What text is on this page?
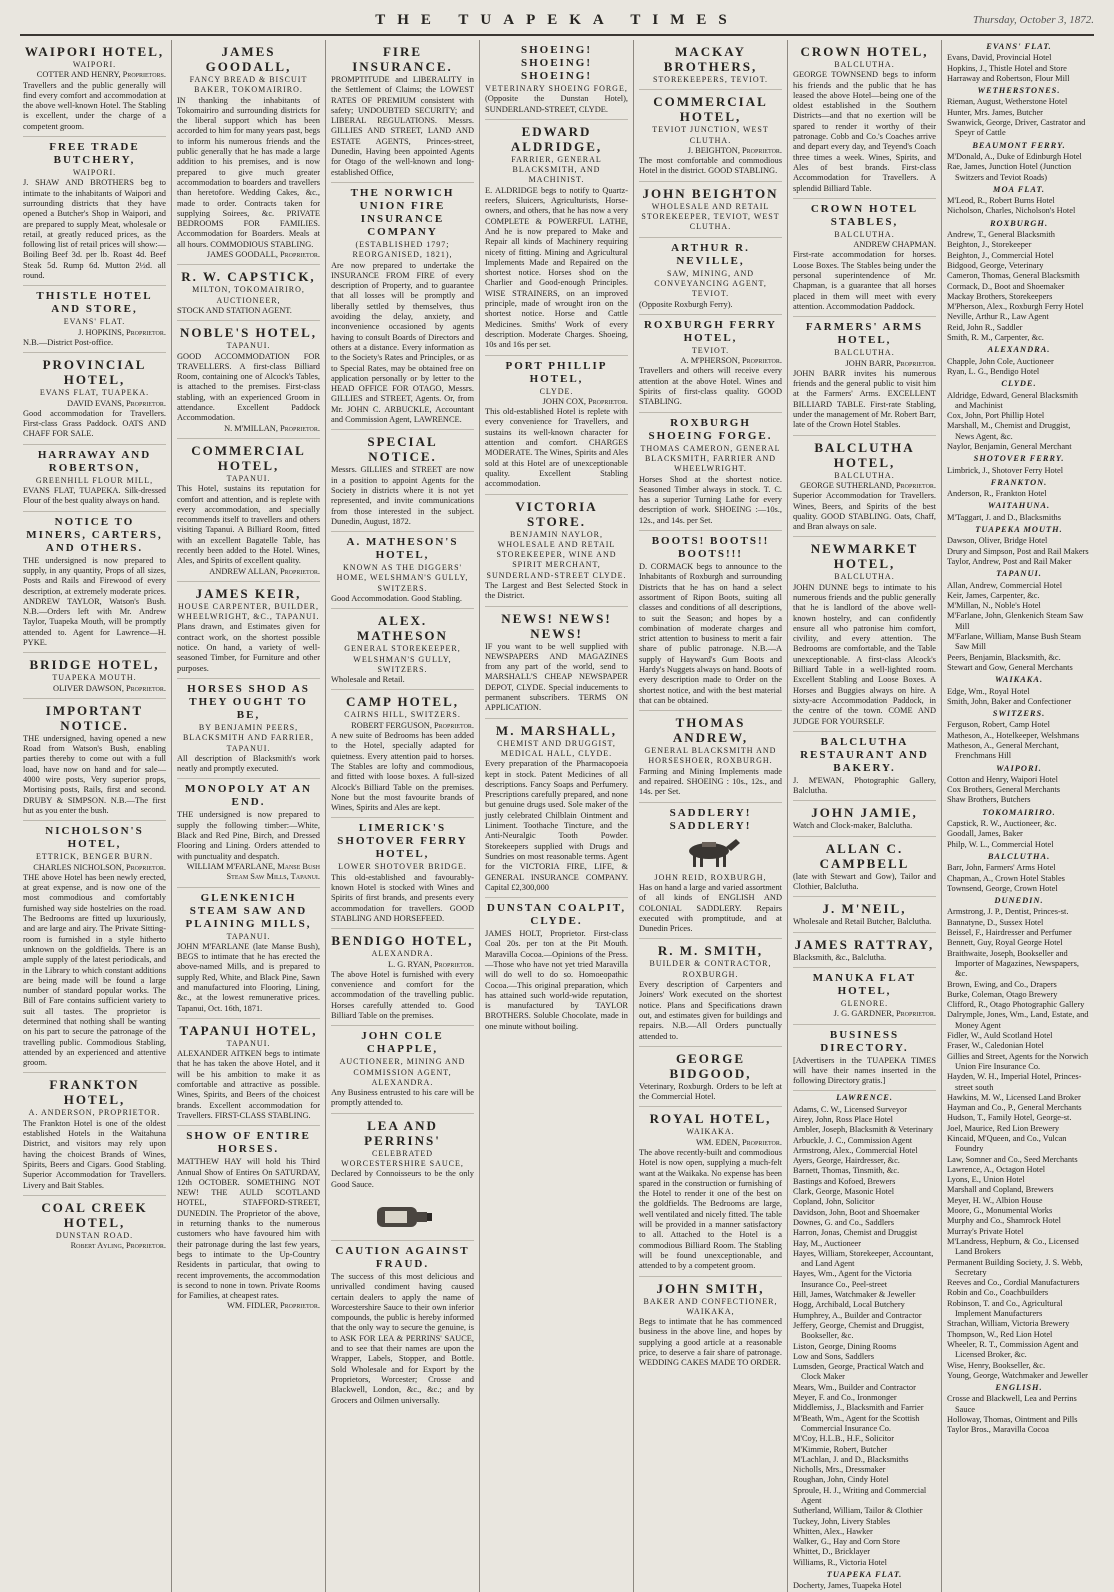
THE TUAPEKA TIMES	Thursday, October 3, 1872.
WAIPORI HOTEL,
WAIPORI.
COTTER AND HENRY, Proprietors.
Travellers and the public generally will find every comfort and accommodation at the above well-known Hotel. The Stabling is excellent, under the charge of a competent groom.
FREE TRADE BUTCHERY,
WAIPORI.
J. SHAW AND BROTHERS beg to intimate to the inhabitants of Waipori and surrounding districts that they have opened a Butcher's Shop in Waipori, and are prepared to supply Meat, wholesale or retail, at greatly reduced prices, as the following list of retail prices will show:— Boiling Beef 3d. per lb. Roast 4d. Beef Steak 5d. Rump 6d. Mutton 2½d. all round.
THISTLE HOTEL AND STORE,
EVANS' FLAT.
J. HOPKINS, Proprietor.
N.B.—District Post-office.
PROVINCIAL HOTEL,
EVANS FLAT, TUAPEKA.
DAVID EVANS, Proprietor.
Good accommodation for Travellers. First-class Grass Paddock. OATS AND CHAFF FOR SALE.
HARRAWAY AND ROBERTSON,
GREENHILL FLOUR MILL,
EVANS FLAT, TUAPEKA. Silk-dressed Flour of the best quality always on hand.
NOTICE TO MINERS, CARTERS, AND OTHERS.
THE undersigned is now prepared to supply, in any quantity, Props of all sizes, Posts and Rails and Firewood of every description, at extremely moderate prices. ANDREW TAYLOR, Watson's Bush. N.B.—Orders left with Mr. Andrew Taylor, Tuapeka Mouth, will be promptly attended to. Agent for Lawrence—H. PYKE.
BRIDGE HOTEL,
TUAPEKA MOUTH.
OLIVER DAWSON, Proprietor.
IMPORTANT NOTICE.
THE undersigned, having opened a new Road from Watson's Bush, enabling parties thereby to come out with a full load, have now on hand and for sale— 4000 wire posts, Very superior props, Mortising posts, Rails, first and second. DRUBY & SIMPSON. N.B.—The first hut as you enter the bush.
NICHOLSON'S HOTEL,
ETTRICK, BENGER BURN.
CHARLES NICHOLSON, Proprietor.
THE above Hotel has been newly erected, at great expense, and is now one of the most commodious and comfortably furnished way side hostelries on the road. The Bedrooms are fitted up luxuriously, and are large and airy. The Private Sitting-room is furnished in a style hitherto unknown on the goldfields. There is an ample supply of the latest periodicals, and in the Library to which constant additions are being made will be found a large number of standard popular works. The Bill of Fare contains sufficient variety to suit all tastes. The proprietor is determined that nothing shall be wanting on his part to secure the patronage of the travelling public. Commodious Stabling, attended by an experienced and attentive groom.
FRANKTON HOTEL,
A. ANDERSON, PROPRIETOR.
The Frankton Hotel is one of the oldest established Hotels in the Waitahuna District, and visitors may rely upon having the choicest Brands of Wines, Spirits, Beers and Cigars. Good Stabling. Superior Accommodation for Travellers. Livery and Bait Stables.
COAL CREEK HOTEL,
DUNSTAN ROAD.
Robert Ayling, Proprietor.
JAMES GOODALL,
FANCY BREAD & BISCUIT BAKER, TOKOMAIRIRO.
IN thanking the inhabitants of Tokomairiro and surrounding districts for the liberal support which has been accorded to him for many years past, begs to inform his numerous friends and the public generally that he has made a large addition to his premises, and is now prepared to give much greater accommodation to boarders and travellers than heretofore. Wedding Cakes, &c., made to order. Contracts taken for supplying Soirees, &c. PRIVATE BEDROOMS FOR FAMILIES. Accommodation for Boarders. Meals at all hours. COMMODIOUS STABLING.
JAMES GOODALL, Proprietor.
R. W. CAPSTICK,
MILTON, TOKOMAIRIRO, AUCTIONEER,
STOCK AND STATION AGENT.
NOBLE'S HOTEL,
TAPANUI.
GOOD ACCOMMODATION FOR TRAVELLERS. A first-class Billiard Room, containing one of Alcock's Tables, is attached to the premises. First-class stabling, with an experienced Groom in attendance. Excellent Paddock Accommodation.
N. M'MILLAN, Proprietor.
COMMERCIAL HOTEL,
TAPANUI.
This Hotel, sustains its reputation for comfort and attention, and is replete with every accommodation, and specially recommends itself to travellers and others visiting Tapanui. A Billiard Room, fitted with an excellent Bagatelle Table, has recently been added to the Hotel. Wines, Ales, and Spirits of excellent quality.
ANDREW ALLAN, Proprietor.
JAMES KEIR,
HOUSE CARPENTER, BUILDER, WHEELWRIGHT, &C., TAPANUI.
Plans drawn, and Estimates given for contract work, on the shortest possible notice. On hand, a variety of well-seasoned Timber, for Furniture and other purposes.
HORSES SHOD AS THEY OUGHT TO BE,
BY BENJAMIN PEERS, BLACKSMITH AND FARRIER, TAPANUI.
All description of Blacksmith's work neatly and promptly executed.
MONOPOLY AT AN END.
THE undersigned is now prepared to supply the following timber:—White, Black and Red Pine, Birch, and Dressed Flooring and Lining. Orders attended to with punctuality and despatch.
WILLIAM M'FARLANE, Manse Bush Steam Saw Mills, Tapanui.
GLENKENICH STEAM SAW AND PLAINING MILLS,
TAPANUI.
JOHN M'FARLANE (late Manse Bush), BEGS to intimate that he has erected the above-named Mills, and is prepared to supply Red, White, and Black Pine, Sawn and manufactured into Flooring, Lining, &c., at the lowest remunerative prices. Tapanui, Oct. 16th, 1871.
TAPANUI HOTEL,
TAPANUI.
ALEXANDER AITKEN begs to intimate that he has taken the above Hotel, and it will be his ambition to make it as comfortable and attractive as possible. Wines, Spirits, and Beers of the choicest brands. Excellent accommodation for Travellers. FIRST-CLASS STABLING.
SHOW OF ENTIRE HORSES.
MATTHEW HAY will hold his Third Annual Show of Entires On SATURDAY, 12th OCTOBER. SOMETHING NOT NEW! THE AULD SCOTLAND HOTEL, STAFFORD-STREET, DUNEDIN. The Proprietor of the above, in returning thanks to the numerous customers who have favoured him with their patronage during the last few years, begs to intimate to the Up-Country Residents in particular, that owing to recent improvements, the accommodation is second to none in town. Private Rooms for Families, at cheapest rates.
WM. FIDLER, Proprietor.
FIRE INSURANCE.
PROMPTITUDE and LIBERALITY in the Settlement of Claims; the LOWEST RATES OF PREMIUM consistent with safety; UNDOUBTED SECURITY; and LIBERAL REGULATIONS. Messrs. GILLIES AND STREET, LAND AND ESTATE AGENTS, Princes-street, Dunedin, Having been appointed Agents for Otago of the well-known and long-established Office,
THE NORWICH UNION FIRE INSURANCE COMPANY
(ESTABLISHED 1797; REORGANISED, 1821),
Are now prepared to undertake the INSURANCE FROM FIRE of every description of Property, and to guarantee that all losses will be promptly and liberally settled by themselves, thus avoiding the delay, anxiety, and inconvenience occasioned by agents having to consult Boards of Directors and others at a distance. Every information as to the Society's Rates and Principles, or as to Special Rates, may be obtained free on application personally or by letter to the HEAD OFFICE FOR OTAGO, Messrs. GILLIES and STREET, Agents. Or, from Mr. JOHN C. ARBUCKLE, Accountant and Commission Agent, LAWRENCE.
SPECIAL NOTICE.
Messrs. GILLIES and STREET are now in a position to appoint Agents for the Society in districts where it is not yet represented, and invite communications from those interested in the subject. Dunedin, August, 1872.
A. MATHESON'S HOTEL,
KNOWN AS THE DIGGERS' HOME, WELSHMAN'S GULLY, SWITZERS.
Good Accommodation. Good Stabling.
ALEX. MATHESON
GENERAL STOREKEEPER, WELSHMAN'S GULLY, SWITZERS.
Wholesale and Retail.
CAMP HOTEL,
CAIRNS HILL, SWITZERS.
ROBERT FERGUSON, Proprietor.
A new suite of Bedrooms has been added to the Hotel, specially adapted for quietness. Every attention paid to horses. The Stables are lofty and commodious, and fitted with loose boxes. A full-sized Alcock's Billiard Table on the premises. None but the most favourite brands of Wines, Spirits and Ales are kept.
LIMERICK'S SHOTOVER FERRY HOTEL,
LOWER SHOTOVER BRIDGE.
This old-established and favourably-known Hotel is stocked with Wines and Spirits of first brands, and presents every accommodation for travellers. GOOD STABLING AND HORSEFEED.
BENDIGO HOTEL,
ALEXANDRA.
L. G. RYAN, Proprietor.
The above Hotel is furnished with every convenience and comfort for the accommodation of the travelling public. Horses carefully attended to. Good Billiard Table on the premises.
JOHN COLE CHAPPLE,
AUCTIONEER, MINING AND COMMISSION AGENT, ALEXANDRA.
Any Business entrusted to his care will be promptly attended to.
LEA AND PERRINS'
CELEBRATED WORCESTERSHIRE SAUCE,
Declared by Connoisseurs to be the only Good Sauce.
CAUTION AGAINST FRAUD.
The success of this most delicious and unrivalled condiment having caused certain dealers to apply the name of Worcestershire Sauce to their own inferior compounds, the public is hereby informed that the only way to secure the genuine, is to ASK FOR LEA & PERRINS' SAUCE, and to see that their names are upon the Wrapper, Labels, Stopper, and Bottle. Sold Wholesale and for Export by the Proprietors, Worcester; Crosse and Blackwell, London, &c., &c.; and by Grocers and Oilmen universally.
SHOEING! SHOEING! SHOEING!
VETERINARY SHOEING FORGE,
(Opposite the Dunstan Hotel), SUNDERLAND-STREET, CLYDE.
EDWARD ALDRIDGE,
FARRIER, GENERAL BLACKSMITH, AND MACHINIST.
E. ALDRIDGE begs to notify to Quartz-reefers, Sluicers, Agriculturists, Horse-owners, and others, that he has now a very COMPLETE & POWERFUL LATHE, And he is now prepared to Make and Repair all kinds of Machinery requiring nicety of fitting. Mining and Agricultural Implements Made and Repaired on the shortest notice. Horses shod on the Charlier and Good-enough Principles. WISE STRAINERS, on an improved principle, made of wrought iron on the shortest notice. Horse and Cattle Medicines. Smiths' Work of every description. Moderate Charges. Shoeing, 10s and 16s per set.
PORT PHILLIP HOTEL,
CLYDE.
JOHN COX, Proprietor.
This old-established Hotel is replete with every convenience for Travellers, and sustains its well-known character for attention and comfort. CHARGES MODERATE. The Wines, Spirits and Ales sold at this Hotel are of unexceptionable quality. Excellent Stabling accommodation.
VICTORIA STORE.
BENJAMIN NAYLOR, WHOLESALE AND RETAIL STOREKEEPER, WINE AND SPIRIT MERCHANT, SUNDERLAND-STREET CLYDE.
The Largest and Best Selected Stock in the District.
NEWS! NEWS! NEWS!
IF you want to be well supplied with NEWSPAPERS AND MAGAZINES from any part of the world, send to MARSHALL'S CHEAP NEWSPAPER DEPOT, CLYDE. Special inducements to permanent subscribers. TERMS ON APPLICATION.
M. MARSHALL,
CHEMIST AND DRUGGIST, MEDICAL HALL, CLYDE.
Every preparation of the Pharmacopoeia kept in stock. Patent Medicines of all descriptions. Fancy Soaps and Perfumery. Prescriptions carefully prepared, and none but genuine drugs used. Sole maker of the justly celebrated Chilblain Ointment and Liniment. Toothache Tincture, and the Anti-Neuralgic Tooth Powder. Storekeepers supplied with Drugs and Sundries on most reasonable terms. Agent for the VICTORIA FIRE, LIFE, & GENERAL INSURANCE COMPANY. Capital £2,300,000
DUNSTAN COALPIT, CLYDE.
JAMES HOLT, Proprietor. First-class Coal 20s. per ton at the Pit Mouth. Maravilla Cocoa.—Opinions of the Press.—Those who have not yet tried Maravilla will do well to do so. Homoeopathic Cocoa.—This original preparation, which has attained such world-wide reputation, is manufactured by TAYLOR BROTHERS. Soluble Chocolate, made in one minute without boiling.
MACKAY BROTHERS,
STOREKEEPERS, TEVIOT.
COMMERCIAL HOTEL,
TEVIOT JUNCTION, WEST CLUTHA.
J. BEIGHTON, Proprietor.
The most comfortable and commodious Hotel in the district. GOOD STABLING.
JOHN BEIGHTON
WHOLESALE AND RETAIL STOREKEEPER, TEVIOT, WEST CLUTHA.
ARTHUR R. NEVILLE,
SAW, MINING, AND CONVEYANCING AGENT, TEVIOT.
(Opposite Roxburgh Ferry).
ROXBURGH FERRY HOTEL,
TEVIOT.
A. M'PHERSON, Proprietor.
Travellers and others will receive every attention at the above Hotel. Wines and Spirits of first-class quality. GOOD STABLING.
ROXBURGH SHOEING FORGE.
THOMAS CAMERON, GENERAL BLACKSMITH, FARRIER AND WHEELWRIGHT.
Horses Shod at the shortest notice. Seasoned Timber always in stock. T. C. has a superior Turning Lathe for every description of work. SHOEING :—10s., 12s., and 14s. per Set.
BOOTS! BOOTS!! BOOTS!!!
D. CORMACK begs to announce to the Inhabitants of Roxburgh and surrounding Districts that he has on hand a select assortment of Ripon Boots, suiting all classes and conditions of all descriptions, to suit the Season; and hopes by a combination of moderate charges and strict attention to business to merit a fair share of public patronage. N.B.—A supply of Hayward's Gum Boots and Hardy's Nuggets always on hand. Boots of every description made to Order on the shortest notice, and with the best material that can be obtained.
THOMAS ANDREW,
GENERAL BLACKSMITH AND HORSESHOER, ROXBURGH.
Farming and Mining Implements made and repaired. SHOEING : 10s., 12s., and 14s. per Set.
SADDLERY! SADDLERY!
JOHN REID, ROXBURGH,
Has on hand a large and varied assortment of all kinds of ENGLISH AND COLONIAL SADDLERY. Repairs executed with promptitude, and at Dunedin Prices.
R. M. SMITH,
BUILDER & CONTRACTOR, ROXBURGH.
Every description of Carpenters and Joiners' Work executed on the shortest notice. Plans and Specifications drawn out, and estimates given for buildings and repairs. N.B.—All Orders punctually attended to.
GEORGE BIDGOOD,
Veterinary, Roxburgh. Orders to be left at the Commercial Hotel.
ROYAL HOTEL,
WAIKAKA.
WM. EDEN, Proprietor.
The above recently-built and commodious Hotel is now open, supplying a much-felt want at the Waikaka. No expense has been spared in the construction or furnishing of the Hotel to render it one of the best on the goldfields. The Bedrooms are large, well ventilated and nicely fitted. The table will be provided in a manner satisfactory to all. Attached to the Hotel is a commodious Billiard Room. The Stabling will be found unexceptionable, and attended to by a competent groom.
JOHN SMITH,
BAKER AND CONFECTIONER, WAIKAKA,
Begs to intimate that he has commenced business in the above line, and hopes by supplying a good article at a reasonable price, to deserve a fair share of patronage. WEDDING CAKES MADE TO ORDER.
CROWN HOTEL,
BALCLUTHA.
GEORGE TOWNSEND begs to inform his friends and the public that he has leased the above Hotel—being one of the oldest established in the Southern Districts—and that no exertion will be spared to render it worthy of their patronage. Cobb and Co.'s Coaches arrive and depart every day, and Teyend's Coach three times a week. Wines, Spirits, and Ales of best brands. First-class Accommodation for Travellers. A splendid Billiard Table.
CROWN HOTEL STABLES,
BALCLUTHA.
ANDREW CHAPMAN.
First-rate accommodation for horses. Loose Boxes. The Stables being under the personal superintendence of Mr. Chapman, is a guarantee that all horses placed in them will meet with every attention. Accommodation Paddock.
FARMERS' ARMS HOTEL,
BALCLUTHA.
JOHN BARR, Proprietor.
JOHN BARR invites his numerous friends and the general public to visit him at the Farmers' Arms. EXCELLENT BILLIARD TABLE. First-rate Stabling, under the management of Mr. Robert Barr, late of the Crown Hotel Stables.
BALCLUTHA HOTEL,
BALCLUTHA.
GEORGE SUTHERLAND, Proprietor.
Superior Accommodation for Travellers. Wines, Beers, and Spirits of the best quality. GOOD STABLING. Oats, Chaff, and Bran always on sale.
NEWMARKET HOTEL,
BALCLUTHA.
JOHN DUNNE begs to intimate to his numerous friends and the public generally that he is landlord of the above well-known hostelry, and can confidently ensure all who patronise him comfort, civility, and every attention. The Bedrooms are comfortable, and the Table unexceptionable. A first-class Alcock's Billiard Table in a well-lighted room. Excellent Stabling and Loose Boxes. A Horses and Buggies always on hire. A sixty-acre Accommodation Paddock, in the centre of the town. COME AND JUDGE FOR YOURSELF.
BALCLUTHA RESTAURANT AND BAKERY.
J. M'EWAN, Photographic Gallery, Balclutha.
JOHN JAMIE,
Watch and Clock-maker, Balclutha.
ALLAN C. CAMPBELL
(late with Stewart and Gow), Tailor and Clothier, Balclutha.
J. M'NEIL,
Wholesale and Retail Butcher, Balclutha.
JAMES RATTRAY,
Blacksmith, &c., Balclutha.
MANUKA FLAT HOTEL,
GLENORE.
J. G. GARDNER, Proprietor.
BUSINESS DIRECTORY.
[Advertisers in the TUAPEKA TIMES will have their names inserted in the following Directory gratis.]
LAWRENCE.
Adams, C. W., Licensed Surveyor
Airey, John, Ross Place Hotel
Ambler, Joseph, Blacksmith & Veterinary
Arbuckle, J. C., Commission Agent
Armstrong, Alex., Commercial Hotel
Ayers, George, Hairdresser, &c.
Barnett, Thomas, Tinsmith, &c.
Bastings and Kofoed, Brewers
Clark, George, Masonic Hotel
Copland, John, Solicitor
Davidson, John, Boot and Shoemaker
Downes, G. and Co., Saddlers
Harron, Jonas, Chemist and Druggist
Hay, M., Auctioneer
Hayes, William, Storekeeper, Accountant, and Land Agent
Hayes, Wm., Agent for the Victoria Insurance Co., Peel-street
Hill, James, Watchmaker & Jeweller
Hogg, Archibald, Local Butchery
Humphrey, A., Builder and Contractor
Jeffery, George, Chemist and Druggist, Bookseller, &c.
Liston, George, Dining Rooms
Low and Sons, Saddlers
Lumsden, George, Practical Watch and Clock Maker
Mears, Wm., Builder and Contractor
Meyer, F. and Co., Ironmonger
Middlemiss, J., Blacksmith and Farrier
M'Beath, Wm., Agent for the Scottish Commercial Insurance Co.
M'Coy, H.L.B., H.F., Solicitor
M'Kimmie, Robert, Butcher
M'Lachlan, J. and D., Blacksmiths
Nicholls, Mrs., Dressmaker
Roughan, John, Cindy Hotel
Sproule, H. J., Writing and Commercial Agent
Sutherland, William, Tailor & Clothier
Tuckey, John, Livery Stables
Whitten, Alex., Hawker
Walker, G., Hay and Corn Store
Whittet, D., Bricklayer
Williams, R., Victoria Hotel
TUAPEKA FLAT.
Docherty, James, Tuapeka Hotel
EVANS' FLAT.
Evans, David, Provincial Hotel
Hopkins, J., Thistle Hotel and Store
Harraway and Robertson, Flour Mill
WETHERSTONES.
Rieman, August, Wetherstone Hotel
Hunter, Mrs. James, Butcher
Swanwick, George, Driver, Castrator and Speyr of Cattle
BEAUMONT FERRY.
M'Donald, A., Duke of Edinburgh Hotel
Rae, James, Junction Hotel (Junction Switzers and Teviot Roads)
MOA FLAT.
M'Leod, R., Robert Burns Hotel
Nicholson, Charles, Nicholson's Hotel
ROXBURGH.
Andrew, T., General Blacksmith
Beighton, J., Storekeeper
Beighton, J., Commercial Hotel
Bidgood, George, Veterinary
Cameron, Thomas, General Blacksmith
Cormack, D., Boot and Shoemaker
Mackay Brothers, Storekeepers
M'Pherson, Alex., Roxburgh Ferry Hotel
Neville, Arthur R., Law Agent
Reid, John R., Saddler
Smith, R. M., Carpenter, &c.
ALEXANDRA.
Chapple, John Cole, Auctioneer
Ryan, L. G., Bendigo Hotel
CLYDE.
Aldridge, Edward, General Blacksmith and Machinist
Cox, John, Port Phillip Hotel
Marshall, M., Chemist and Druggist, News Agent, &c.
Naylor, Benjamin, General Merchant
SHOTOVER FERRY.
Limbrick, J., Shotover Ferry Hotel
FRANKTON.
Anderson, R., Frankton Hotel
WAITAHUNA.
M'Taggart, J. and D., Blacksmiths
TUAPEKA MOUTH.
Dawson, Oliver, Bridge Hotel
Drury and Simpson, Post and Rail Makers
Taylor, Andrew, Post and Rail Maker
TAPANUI.
Allan, Andrew, Commercial Hotel
Keir, James, Carpenter, &c.
M'Millan, N., Noble's Hotel
M'Farlane, John, Glenkenich Steam Saw Mill
M'Farlane, William, Manse Bush Steam Saw Mill
Peers, Benjamin, Blacksmith, &c.
Stewart and Gow, General Merchants
WAIKAKA.
Edge, Wm., Royal Hotel
Smith, John, Baker and Confectioner
SWITZERS.
Ferguson, Robert, Camp Hotel
Matheson, A., Hotelkeeper, Welshmans
Matheson, A., General Merchant, Frenchmans Hill
WAIPORI.
Cotton and Henry, Waipori Hotel
Cox Brothers, General Merchants
Shaw Brothers, Butchers
TOKOMAIRIRO.
Capstick, R. W., Auctioneer, &c.
Goodall, James, Baker
Philp, W. L., Commercial Hotel
BALCLUTHA.
Barr, John, Farmers' Arms Hotel
Chapman, A., Crown Hotel Stables
Townsend, George, Crown Hotel
DUNEDIN.
Armstrong, J. P., Dentist, Princes-st.
Bannatyne, D., Sussex Hotel
Beissel, F., Hairdresser and Perfumer
Bennett, Guy, Royal George Hotel
Braithwaite, Joseph, Bookseller and Importer of Magazines, Newspapers, &c.
Brown, Ewing, and Co., Drapers
Burke, Coleman, Otago Brewery
Clifford, R., Otago Photographic Gallery
Dalrymple, Jones, Wm., Land, Estate, and Money Agent
Fidler, W., Auld Scotland Hotel
Fraser, W., Caledonian Hotel
Gillies and Street, Agents for the Norwich Union Fire Insurance Co.
Hayden, W. H., Imperial Hotel, Princes-street south
Hawkins, M. W., Licensed Land Broker
Hayman and Co., P., General Merchants
Hudson, T., Family Hotel, George-st.
Joel, Maurice, Red Lion Brewery
Kincaid, M'Queen, and Co., Vulcan Foundry
Law, Somner and Co., Seed Merchants
Lawrence, A., Octagon Hotel
Lyons, E., Union Hotel
Marshall and Copland, Brewers
Meyer, H. W., Albion House
Moore, G., Monumental Works
Murphy and Co., Shamrock Hotel
Murray's Private Hotel
M'Landress, Hepburn, & Co., Licensed Land Brokers
Permanent Building Society, J. S. Webb, Secretary
Reeves and Co., Cordial Manufacturers
Robin and Co., Coachbuilders
Robinson, T. and Co., Agricultural Implement Manufacturers
Strachan, William, Victoria Brewery
Thompson, W., Red Lion Hotel
Wheeler, R. T., Commission Agent and Licensed Broker, &c.
Wise, Henry, Bookseller, &c.
Young, George, Watchmaker and Jeweller
ENGLISH.
Crosse and Blackwell, Lea and Perrins Sauce
Holloway, Thomas, Ointment and Pills
Taylor Bros., Maravilla Cocoa
